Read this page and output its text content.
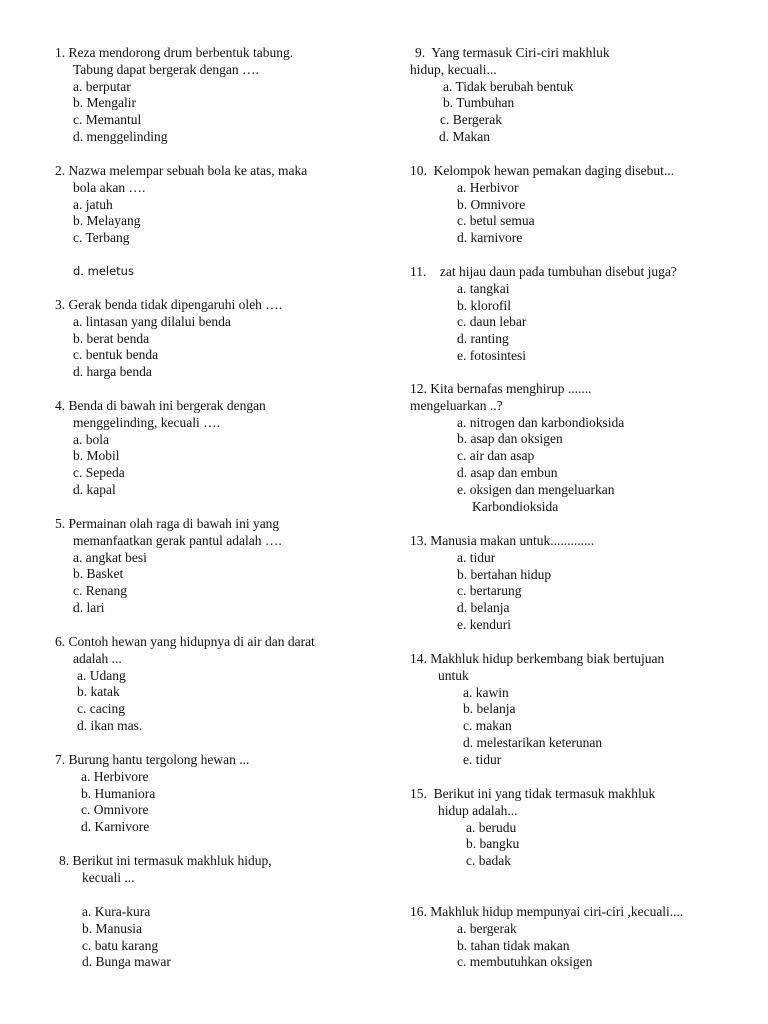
1. Reza mendorong drum berbentuk tabung.
Tabung dapat bergerak dengan ….
a. berputar
b. Mengalir
c. Memantul
d. menggelinding
2. Nazwa melempar sebuah bola ke atas, maka
bola akan ….
a. jatuh
b. Melayang
c. Terbang
d. meletus
3. Gerak benda tidak dipengaruhi oleh ….
a. lintasan yang dilalui benda
b. berat benda
c. bentuk benda
d. harga benda
4. Benda di bawah ini bergerak dengan
menggelinding, kecuali ….
a. bola
b. Mobil
c. Sepeda
d. kapal
5. Permainan olah raga di bawah ini yang
memanfaatkan gerak pantul adalah ….
a. angkat besi
b. Basket
c. Renang
d. lari
6. Contoh hewan yang hidupnya di air dan darat
adalah ...
a. Udang
b. katak
c. cacing
d. ikan mas.
7. Burung hantu tergolong hewan ...
a. Herbivore
b. Humaniora
c. Omnivore
d. Karnivore
8. Berikut ini termasuk makhluk hidup,
kecuali ...
a. Kura-kura
b. Manusia
c. batu karang
d. Bunga mawar
9. Yang termasuk Ciri-ciri makhluk
hidup, kecuali...
a. Tidak berubah bentuk
b. Tumbuhan
c. Bergerak
d. Makan
10. Kelompok hewan pemakan daging disebut...
a. Herbivor
b. Omnivore
c. betul semua
d. karnivore
11. zat hijau daun pada tumbuhan disebut juga?
a. tangkai
b. klorofil
c. daun lebar
d. ranting
e. fotosintesi
12. Kita bernafas menghirup .......
mengeluarkan ..?
a. nitrogen dan karbondioksida
b. asap dan oksigen
c. air dan asap
d. asap dan embun
e. oksigen dan mengeluarkan
Karbondioksida
13. Manusia makan untuk.............
a. tidur
b. bertahan hidup
c. bertarung
d. belanja
e. kenduri
14. Makhluk hidup berkembang biak bertujuan
untuk
a. kawin
b. belanja
c. makan
d. melestarikan keterunan
e. tidur
15. Berikut ini yang tidak termasuk makhluk
hidup adalah...
a. berudu
b. bangku
c. badak
16. Makhluk hidup mempunyai ciri-ciri ,kecuali....
a. bergerak
b. tahan tidak makan
c. membutuhkan oksigen
